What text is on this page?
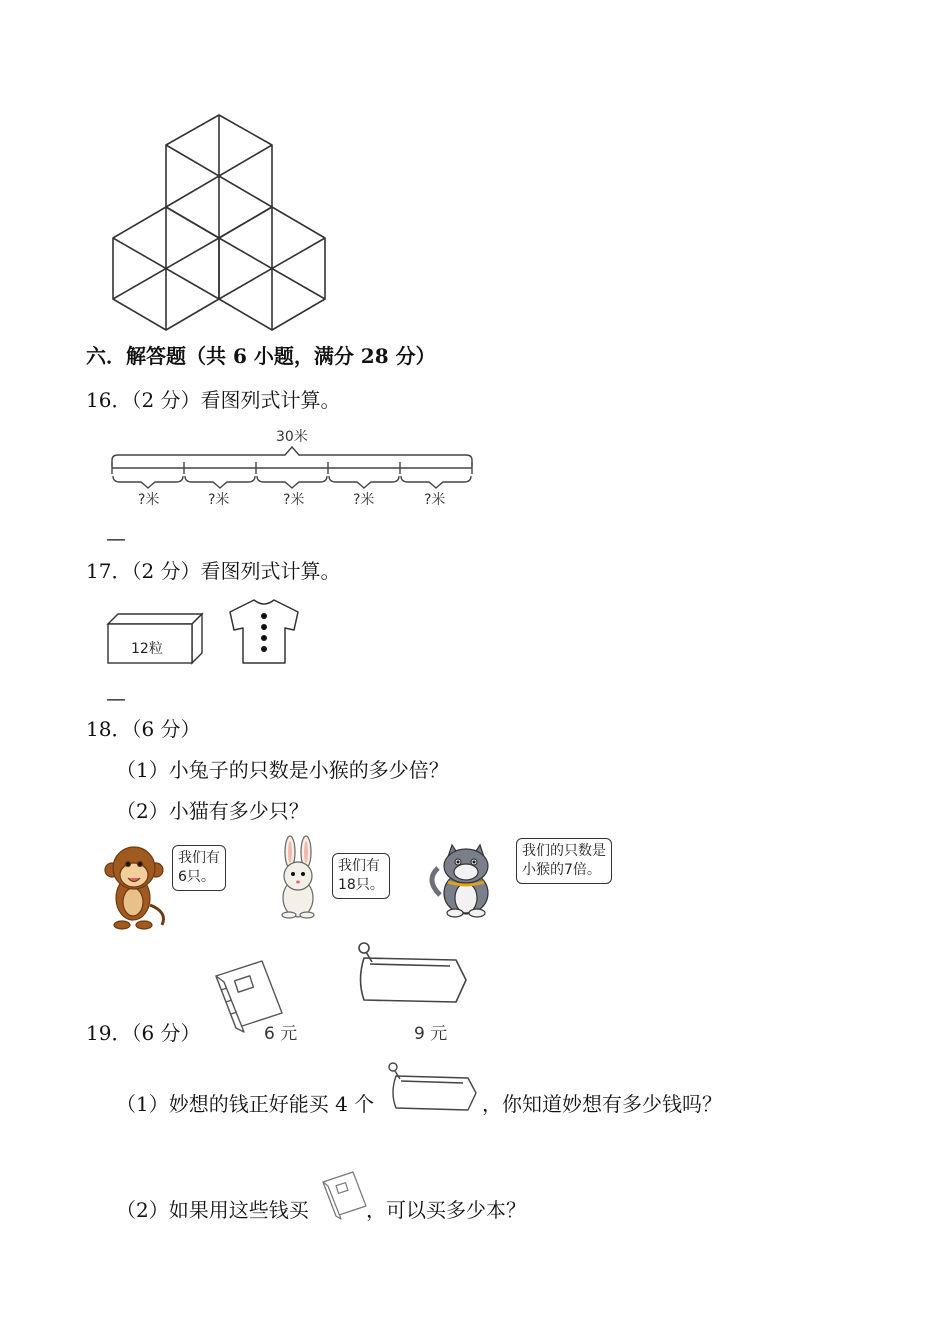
六．解答题（共 6 小题，满分 28 分）
16．（2 分）看图列式计算。
30米
?米	?米	?米	?米	?米
—
17．（2 分）看图列式计算。
12粒
—
18．（6 分）
（1）小兔子的只数是小猴的多少倍？
（2）小猫有多少只？
我们有
6只。
我们有
18只。
我们的只数是
小猴的7倍。
6 元	9 元
19．（6 分）
（1）妙想的钱正好能买 4 个	，你知道妙想有多少钱吗？
（2）如果用这些钱买	，可以买多少本？
